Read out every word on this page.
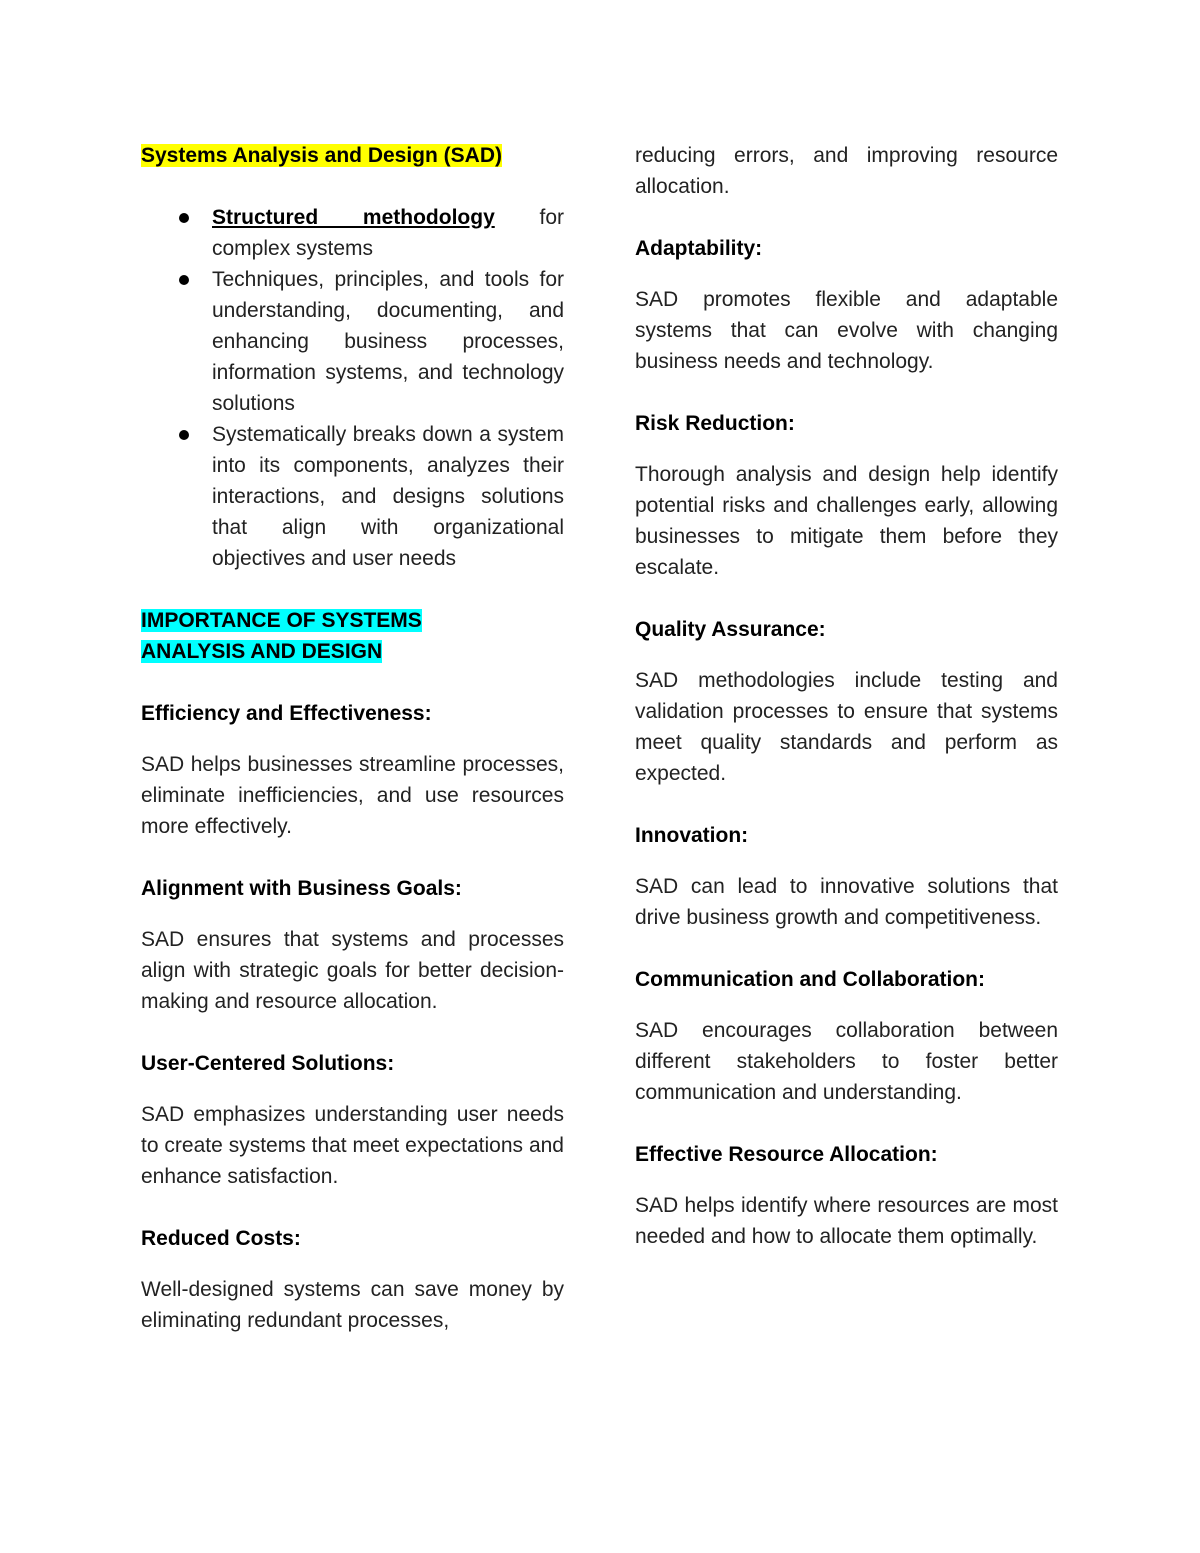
Systems Analysis and Design (SAD)

Structured methodology for complex systems
Techniques, principles, and tools for understanding, documenting, and enhancing business processes, information systems, and technology solutions
Systematically breaks down a system into its components, analyzes their interactions, and designs solutions that align with organizational objectives and user needs

IMPORTANCE OF SYSTEMS
ANALYSIS AND DESIGN

Efficiency and Effectiveness:

SAD helps businesses streamline processes, eliminate inefficiencies, and use resources more effectively.

Alignment with Business Goals:

SAD ensures that systems and processes align with strategic goals for better decision-making and resource allocation.

User-Centered Solutions:

SAD emphasizes understanding user needs to create systems that meet expectations and enhance satisfaction.

Reduced Costs:

Well-designed systems can save money by eliminating redundant processes,

reducing errors, and improving resource allocation.

Adaptability:

SAD promotes flexible and adaptable systems that can evolve with changing business needs and technology.

Risk Reduction:

Thorough analysis and design help identify potential risks and challenges early, allowing businesses to mitigate them before they escalate.

Quality Assurance:

SAD methodologies include testing and validation processes to ensure that systems meet quality standards and perform as expected.

Innovation:

SAD can lead to innovative solutions that drive business growth and competitiveness.

Communication and Collaboration:

SAD encourages collaboration between different stakeholders to foster better communication and understanding.

Effective Resource Allocation:

SAD helps identify where resources are most needed and how to allocate them optimally.
